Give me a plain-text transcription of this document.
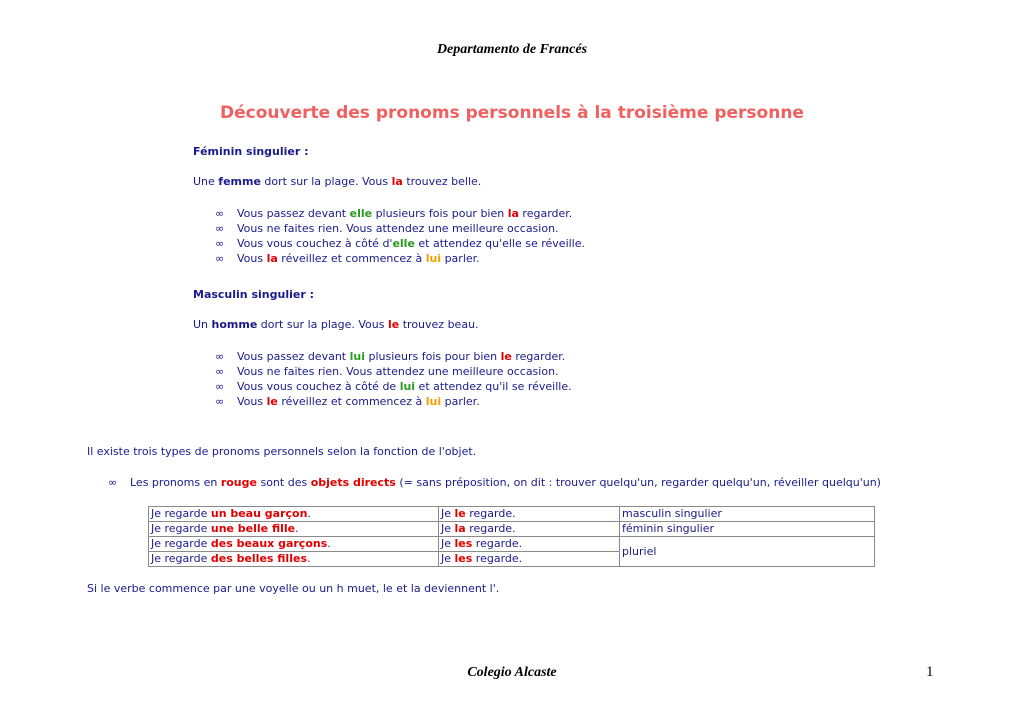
Departamento de Francés
Découverte des pronoms personnels à la troisième personne
Féminin singulier :
Une femme dort sur la plage. Vous la trouvez belle.
∞ Vous passez devant elle plusieurs fois pour bien la regarder.
∞ Vous ne faites rien. Vous attendez une meilleure occasion.
∞ Vous vous couchez à côté d'elle et attendez qu'elle se réveille.
∞ Vous la réveillez et commencez à lui parler.
Masculin singulier :
Un homme dort sur la plage. Vous le trouvez beau.
∞ Vous passez devant lui plusieurs fois pour bien le regarder.
∞ Vous ne faites rien. Vous attendez une meilleure occasion.
∞ Vous vous couchez à côté de lui et attendez qu'il se réveille.
∞ Vous le réveillez et commencez à lui parler.
Il existe trois types de pronoms personnels selon la fonction de l'objet.
∞ Les pronoms en rouge sont des objets directs (= sans préposition, on dit : trouver quelqu'un, regarder quelqu'un, réveiller quelqu'un)
Je regarde un beau garçon.	Je le regarde.	masculin singulier
Je regarde une belle fille.	Je la regarde.	féminin singulier
Je regarde des beaux garçons.	Je les regarde.	pluriel
Je regarde des belles filles.	Je les regarde.	
Si le verbe commence par une voyelle ou un h muet, le et la deviennent l'.
Colegio Alcaste	1
